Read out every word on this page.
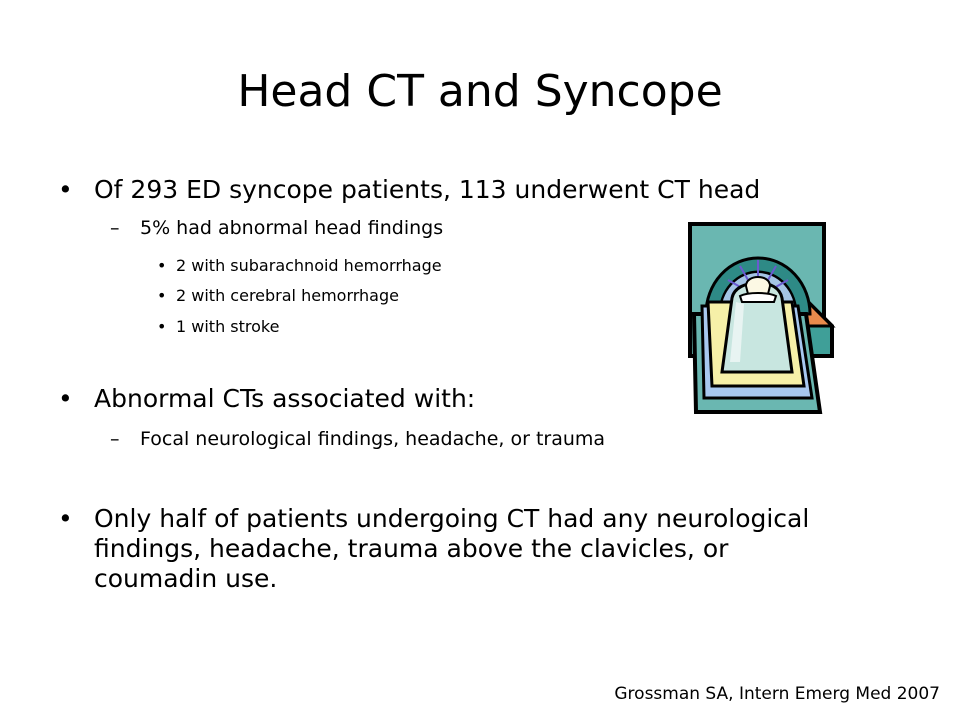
Head CT and Syncope
• Of 293 ED syncope patients, 113 underwent CT head
– 5% had abnormal head findings
• 2 with subarachnoid hemorrhage
• 2 with cerebral hemorrhage
• 1 with stroke
• Abnormal CTs associated with:
– Focal neurological findings, headache, or trauma
• Only half of patients undergoing CT had any neurological findings, headache, trauma above the clavicles, or coumadin use.
Grossman SA, Intern Emerg Med 2007
